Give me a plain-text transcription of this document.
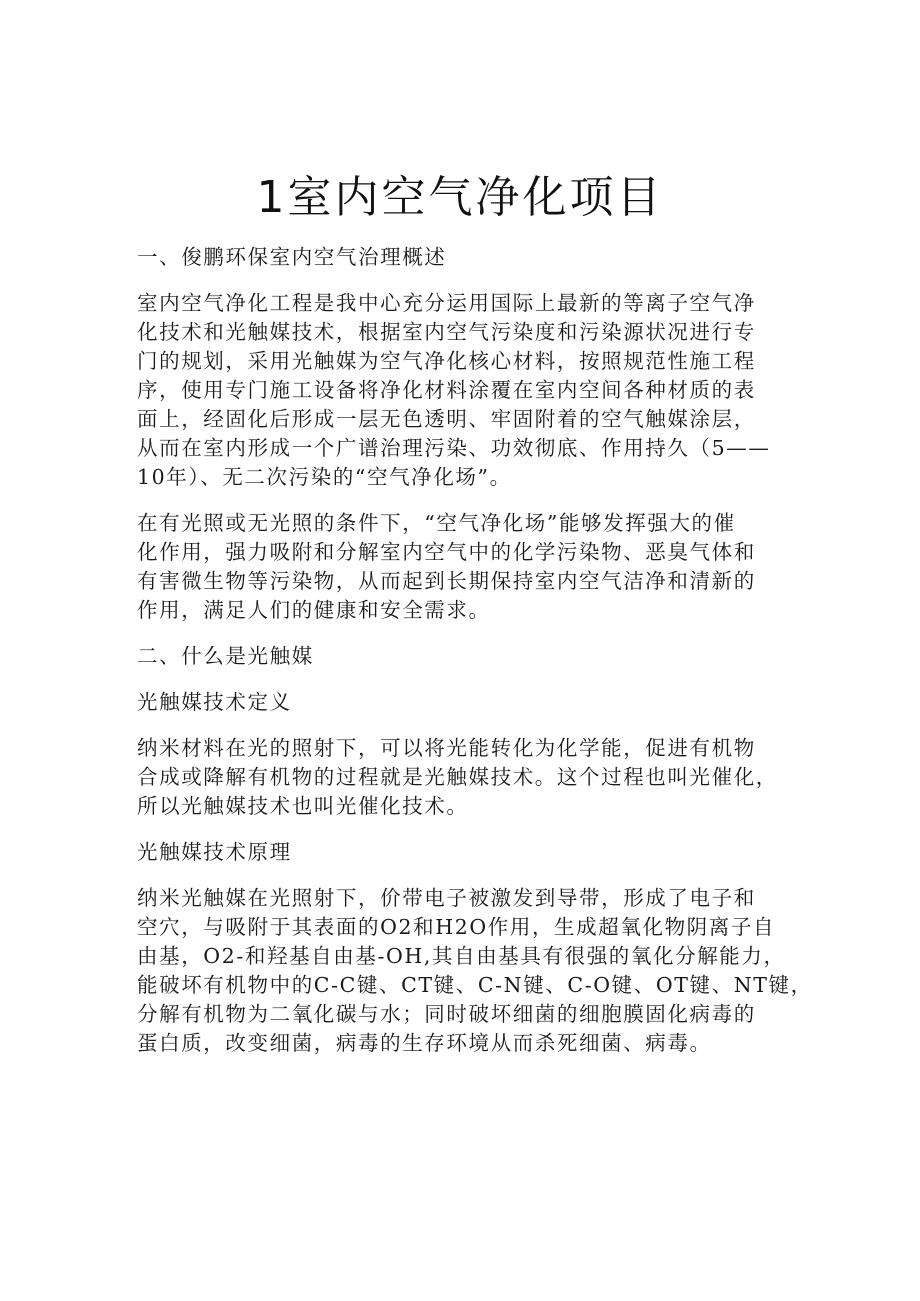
1室内空气净化项目

一、俊鹏环保室内空气治理概述

室内空气净化工程是我中心充分运用国际上最新的等离子空气净
化技术和光触媒技术，根据室内空气污染度和污染源状况进行专
门的规划，采用光触媒为空气净化核心材料，按照规范性施工程
序，使用专门施工设备将净化材料涂覆在室内空间各种材质的表
面上，经固化后形成一层无色透明、牢固附着的空气触媒涂层，
从而在室内形成一个广谱治理污染、功效彻底、作用持久（5——
10年）、无二次污染的“空气净化场”。

在有光照或无光照的条件下，“空气净化场”能够发挥强大的催
化作用，强力吸附和分解室内空气中的化学污染物、恶臭气体和
有害微生物等污染物，从而起到长期保持室内空气洁净和清新的
作用，满足人们的健康和安全需求。

二、什么是光触媒

光触媒技术定义

纳米材料在光的照射下，可以将光能转化为化学能，促进有机物
合成或降解有机物的过程就是光触媒技术。这个过程也叫光催化，
所以光触媒技术也叫光催化技术。

光触媒技术原理

纳米光触媒在光照射下，价带电子被激发到导带，形成了电子和
空穴，与吸附于其表面的O2和H2O作用，生成超氧化物阴离子自
由基，O2-和羟基自由基-OH,其自由基具有很强的氧化分解能力，
能破坏有机物中的C-C键、CT键、C-N键、C-O键、OT键、NT键，
分解有机物为二氧化碳与水；同时破坏细菌的细胞膜固化病毒的
蛋白质，改变细菌，病毒的生存环境从而杀死细菌、病毒。
